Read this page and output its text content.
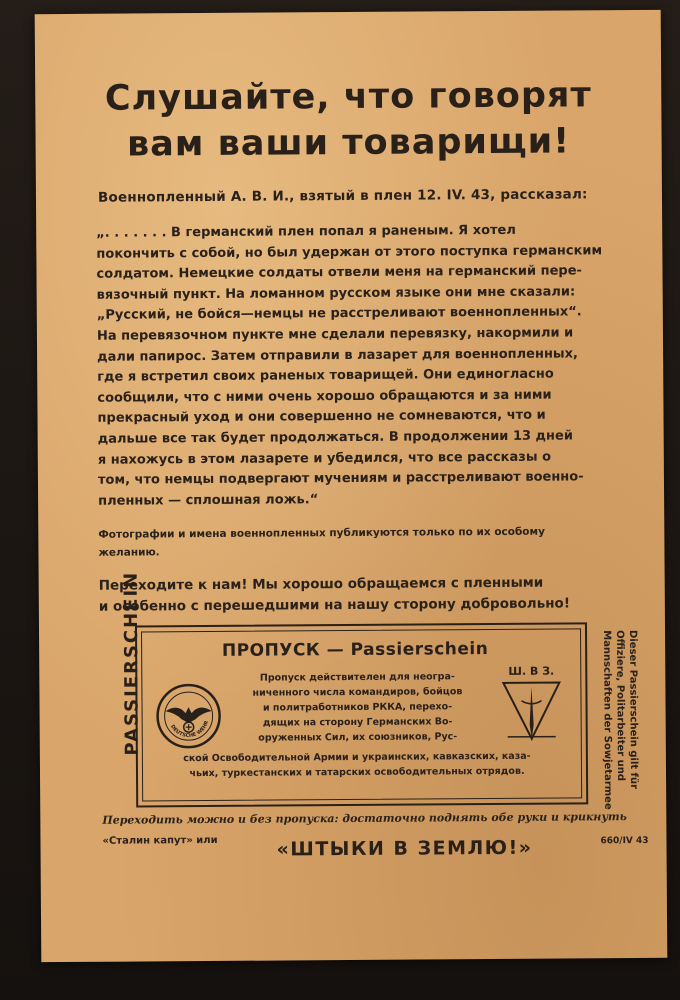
Слушайте, что говорят
вам ваши товарищи!
Военнопленный А. В. И., взятый в плен 12. IV. 43, рассказал:

„. . . . . . . В германский плен попал я раненым. Я хотел
покончить с собой, но был удержан от этого поступка германским
солдатом. Немецкие солдаты отвели меня на германский пере-
вязочный пункт. На ломанном русском языке они мне сказали:
„Русский, не бойся—немцы не расстреливают военнопленных“.
На перевязочном пункте мне сделали перевязку, накормили и
дали папирос. Затем отправили в лазарет для военнопленных,
где я встретил своих раненых товарищей. Они единогласно
сообщили, что с ними очень хорошо обращаются и за ними
прекрасный уход и они совершенно не сомневаются, что и
дальше все так будет продолжаться. В продолжении 13 дней
я нахожусь в этом лазарете и убедился, что все рассказы о
том, что немцы подвергают мучениям и расстреливают военно-
пленных — сплошная ложь.“

Фотографии и имена военнопленных публикуются только по их особому
желанию.

Переходите к нам! Мы хорошо обращаемся с пленными
и особенно с перешедшими на нашу сторону добровольно!

PASSIERSCHEIN	Dieser Passierschein gilt für
Offiziere, Politarbeiter und
Mannschaften der Sowjetarmee
ПРОПУСК — Passierschein
DEUTSCHE WEHRMACHT	Пропуск действителен для неогра-
ниченного числа командиров, бойцов
и политработников РККА, перехо-
дящих на сторону Германских Во-
оруженных Сил, их союзников, Рус-

Ш. В З.

ской Освободительной Армии и украинских, кавказских, каза-
чьих, туркестанских и татарских освободительных отрядов.

Переходить можно и без пропуска: достаточно поднять обе руки и крикнуть

«Сталин капут» или	«ШТЫКИ В ЗЕМЛЮ!»	660/IV 43
